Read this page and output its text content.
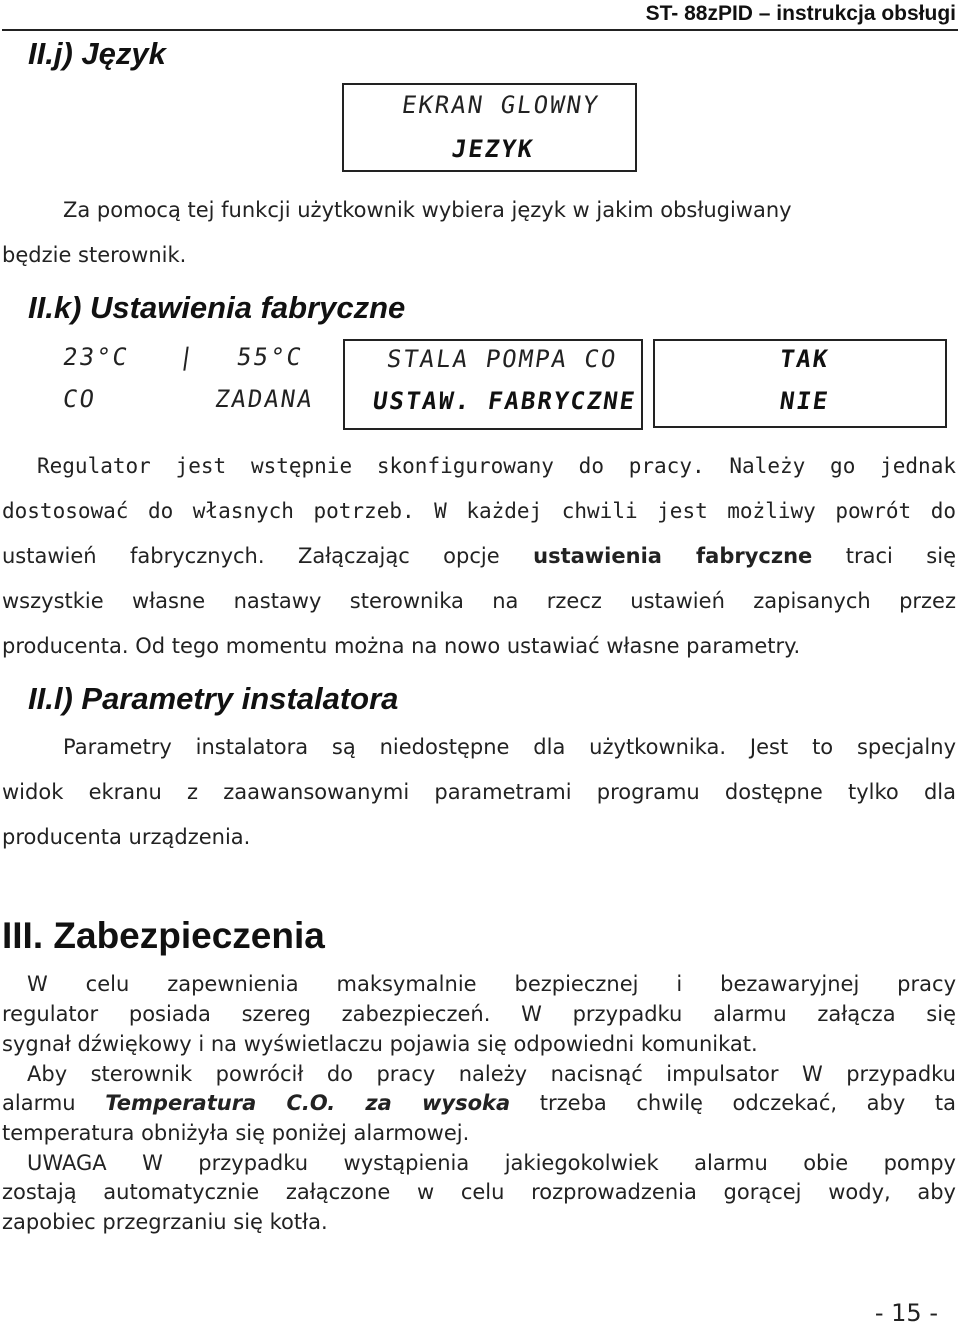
ST- 88zPID – instrukcja obsługi
II.j) Język
EKRAN GLOWNY
JEZYK
Za pomocą tej funkcji użytkownik wybiera język w jakim obsługiwany
będzie sterownik.
II.k) Ustawienia fabryczne
23°C | 55°C
CO	ZADANA
STALA POMPA CO
USTAW. FABRYCZNE
TAK
NIE
Regulator jest wstępnie skonfigurowany do pracy. Należy go jednak
dostosować do własnych potrzeb. W każdej chwili jest możliwy powrót do
ustawień fabrycznych. Załączając opcje ustawienia fabryczne traci się
wszystkie własne nastawy sterownika na rzecz ustawień zapisanych przez
producenta. Od tego momentu można na nowo ustawiać własne parametry.
II.l) Parametry instalatora
Parametry instalatora są niedostępne dla użytkownika. Jest to specjalny
widok ekranu z zaawansowanymi parametrami programu dostępne tylko dla
producenta urządzenia.
III. Zabezpieczenia
W celu zapewnienia maksymalnie bezpiecznej i bezawaryjnej pracy
regulator posiada szereg zabezpieczeń. W przypadku alarmu załącza się
sygnał dźwiękowy i na wyświetlaczu pojawia się odpowiedni komunikat.
Aby sterownik powrócił do pracy należy nacisnąć impulsator W przypadku
alarmu Temperatura C.O. za wysoka trzeba chwilę odczekać, aby ta
temperatura obniżyła się poniżej alarmowej.
UWAGA W przypadku wystąpienia jakiegokolwiek alarmu obie pompy
zostają automatycznie załączone w celu rozprowadzenia gorącej wody, aby
zapobiec przegrzaniu się kotła.
- 15 -
